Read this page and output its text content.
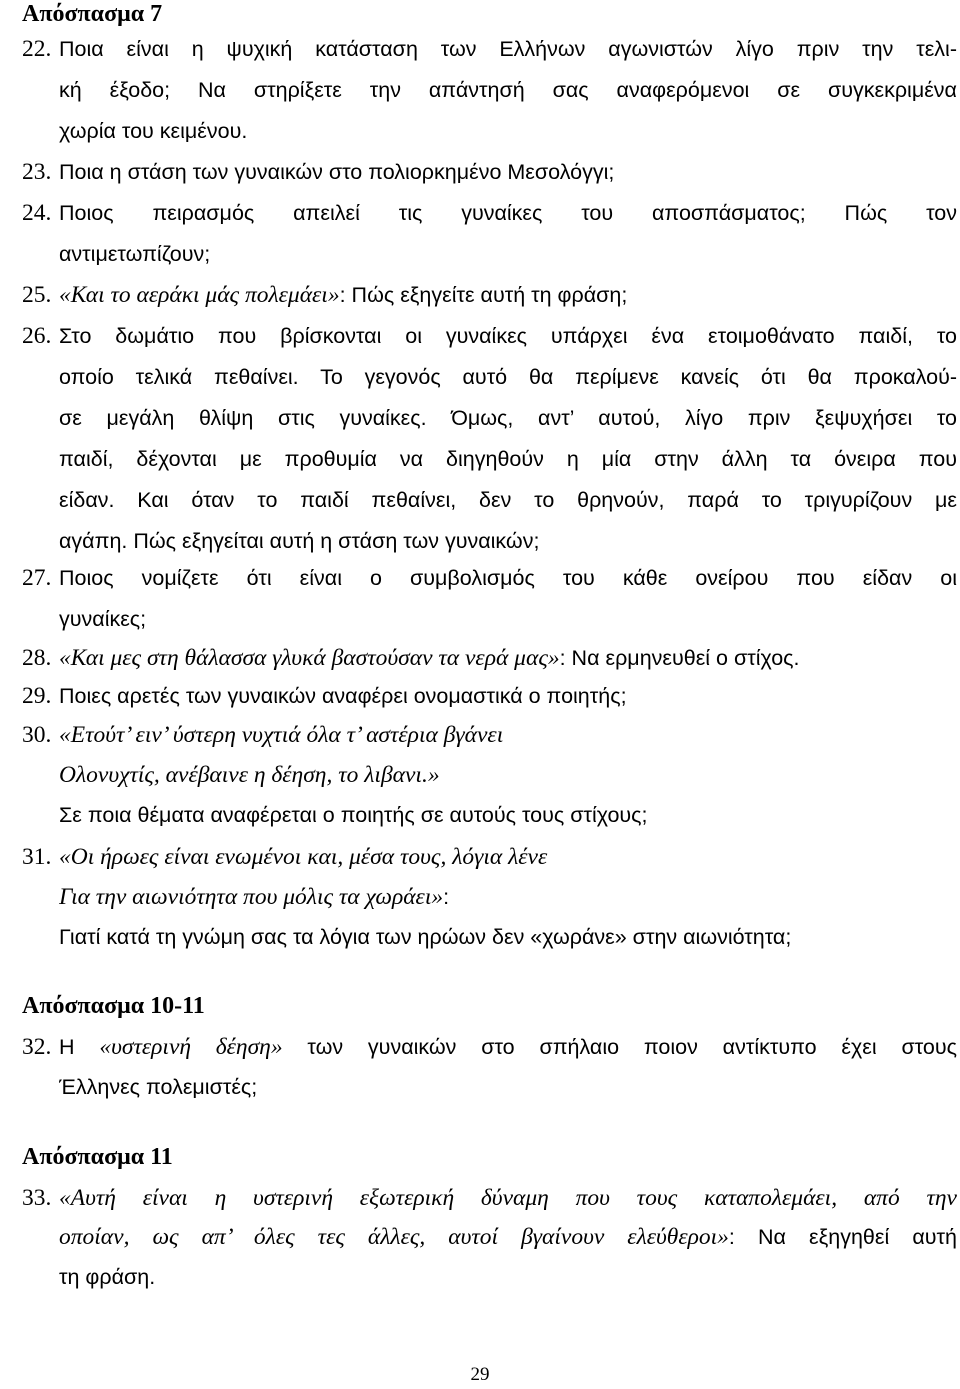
Απόσπασμα 7
22. Ποια είναι η ψυχική κατάσταση των Ελλήνων αγωνιστών λίγο πριν την τελι-
κή έξοδο; Να στηρίξετε την απάντησή σας αναφερόμενοι σε συγκεκριμένα
χωρία του κειμένου.
23. Ποια η στάση των γυναικών στο πολιορκημένο Μεσολόγγι;
24. Ποιος πειρασμός απειλεί τις γυναίκες του αποσπάσματος; Πώς τον
αντιμετωπίζουν;
25. «Και το αεράκι μάς πολεμάει»: Πώς εξηγείτε αυτή τη φράση;
26. Στο δωμάτιο που βρίσκονται οι γυναίκες υπάρχει ένα ετοιμοθάνατο παιδί, το
οποίο τελικά πεθαίνει. Το γεγονός αυτό θα περίμενε κανείς ότι θα προκαλού-
σε μεγάλη θλίψη στις γυναίκες. Όμως, αντ’ αυτού, λίγο πριν ξεψυχήσει το
παιδί, δέχονται με προθυμία να διηγηθούν η μία στην άλλη τα όνειρα που
είδαν. Και όταν το παιδί πεθαίνει, δεν το θρηνούν, παρά το τριγυρίζουν με
αγάπη. Πώς εξηγείται αυτή η στάση των γυναικών;
27. Ποιος νομίζετε ότι είναι ο συμβολισμός του κάθε ονείρου που είδαν οι
γυναίκες;
28. «Και μες στη θάλασσα γλυκά βαστούσαν τα νερά μας»: Να ερμηνευθεί ο στίχος.
29. Ποιες αρετές των γυναικών αναφέρει ονομαστικά ο ποιητής;
30. «Ετούτ’ ειν’ ύστερη νυχτιά όλα τ’ αστέρια βγάνει
Ολονυχτίς, ανέβαινε η δέηση, το λιβανι.»
Σε ποια θέματα αναφέρεται ο ποιητής σε αυτούς τους στίχους;
31. «Οι ήρωες είναι ενωμένοι και, μέσα τους, λόγια λένε
Για την αιωνιότητα που μόλις τα χωράει»:
Γιατί κατά τη γνώμη σας τα λόγια των ηρώων δεν «χωράνε» στην αιωνιότητα;
Απόσπασμα 10-11
32. Η «υστερινή δέηση» των γυναικών στο σπήλαιο ποιον αντίκτυπο έχει στους
Έλληνες πολεμιστές;
Απόσπασμα 11
33. «Αυτή είναι η υστερινή εξωτερική δύναμη που τους καταπολεμάει, από την
οποίαν, ως απ’ όλες τες άλλες, αυτοί βγαίνουν ελεύθεροι»: Να εξηγηθεί αυτή
τη φράση.
29
